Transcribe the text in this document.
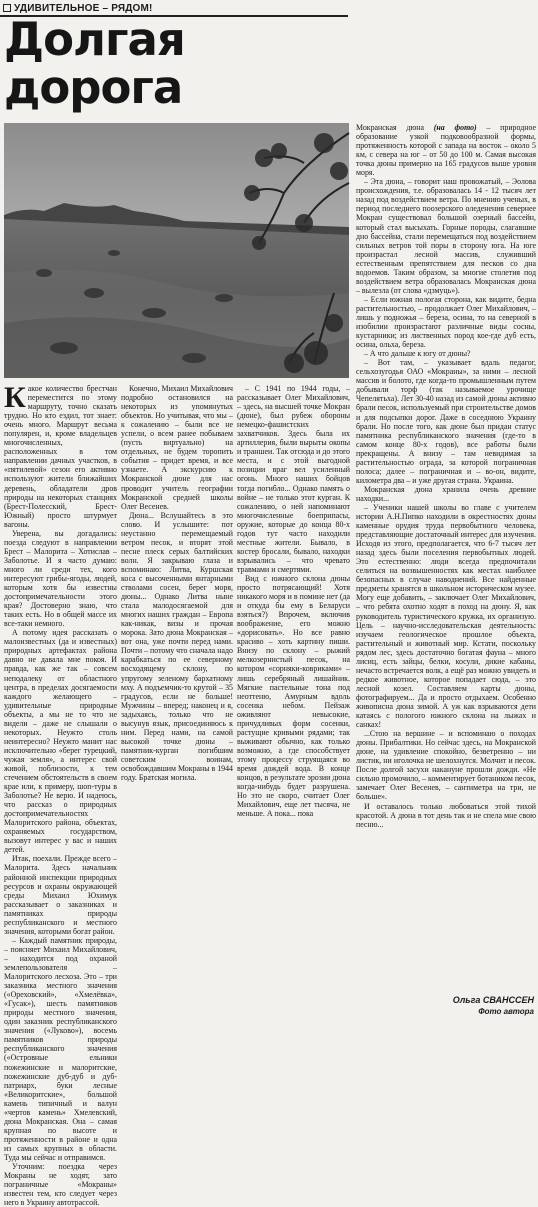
УДИВИТЕЛЬНОЕ – РЯДОМ!
Долгая дорога

Какое количество брестчан переместится по этому маршруту, точно сказать трудно. Но кто ездил, тот знает: очень много. Маршрут весьма популярен, и, кроме владельцев многочисленных, расположенных в том направлении дачных участков, в «пятилевой» сезон его активно используют жители ближайших деревень, обладатели дров природы на некоторых станциях (Брест-Полесский, Брест-Южный) просто штурмует вагоны.

Уверена, вы догадались: поезда следуют в направлении Брест – Малорита – Хотислав – Заболотье. И я часто думаю: много ли среди тех, кого интересуют грибы-ягоды, людей, которым хотя бы известны достопримечательности этого края? Достоверно знаю, что таких есть. Но в общей массе их все-таки немного.

А потому идея рассказать о малоизвестных (да и известных) природных артефактах района давно не давала мне покоя. И правда, как же так – совсем неподалеку от областного центра, в пределах досягаемости каждого желающего – удивительные природные объекты, а мы не то что не видели – даже не слышали о некоторых. Неужто столь неинтересно? Неужто манит нас исключительно «берег турецкий, чужая земля», а интерес свой живой, поблизости, к тем стечением обстоятельств в своем крае или, к примеру, шоп-туры в Заболотье? Не верю. И надеюсь, что рассказ о природных достопримечательностях Малоритского района, объектах, охраняемых государством, вызовут интерес у вас и наших детей.

Итак, поехали. Прежде всего – Малорита. Здесь начальник районной инспекции природных ресурсов и охраны окружающей среды Михаил Юхимук рассказывает о заказниках и памятниках природы республиканского и местного значения, которыми богат район.

– Каждый памятник природы, – поясняет Михаил Михайлович, – находится под охраной землепользователя – Малоритского лесхоза. Это – три заказника местного значения («Ореховский», «Хмелёвка», «Гусак»), шесть памятников природы местного значения, один заказник республиканского значения («Луково»), восемь памятников природы республиканского значения («Островные ельники пожежинские и малоритские, пожежинские дуб-дуб и дуб-патриарх, буки лесные «Великоритские», большой камень типичный и валун «чертов камень» Хмелевский, дюна Мокранская. Она – самая крупная по высоте и протяженности в районе и одна из самых крупных в области. Туда мы сейчас и отправимся.

Уточним: поездка через Мокраны не ходят, зато пограничные «Мокраны» известен тем, кто следует через него в Украину автотрассой.

Конечно, Михаил Михайлович подробно остановился на некоторых из упомянутых объектов. Но учитывая, что мы – к сожалению – были все не успели, о всем ранее побываем (пусть виртуально) на отдельных, не будем торопить события – придет время, и все узнаете. А экскурсию к Мокранской дюне для нас проводит учитель географии Мокранской средней школы Олег Весенев.

Дюна... Вслушайтесь в это слово. И услышите: пот неустанно перемещаемый ветром песок, и вторят этой песне плеск серых балтийских волн. Я закрываю глаза и вспоминаю: Литва, Куршская коса с высоченными янтарными стволами сосен, берег моря, дюны... Однако Литва ныне стала малодосягаемой для многих наших граждан – Европа как-никак, визы и прочая морока. Зато дюна Мокранская – вот она, уже почти перед нами. Почти – потому что сначала надо карабкаться по ее северному восходящему склону, по упругому зеленому бархатному мху. А подъемчик-то крутой – 35 градусов, если не больше! Мужчины – вперед; наконец и я, задыхаясь, только что не высунув язык, присоединяюсь к ним. Перед нами, на самой высокой точке дюны – памятник-курган погибшим советским воинам, освобождавшим Мокраны в 1944 году. Братская могила.

– С 1941 по 1944 годы, – рассказывает Олег Михайлович, – здесь, на высшей точке Мокран (дюне), был рубеж обороны немецко-фашистских захватчиков. Здесь была их артиллерия, были вырыты окопы и траншеи. Так отсюда и до этого места, и с этой выгодной позиции враг вел усиленный огонь. Много наших бойцов тогда погибло... Однако память о войне – не только этот курган. К сожалению, о ней напоминают многочисленные боеприпасы, оружие, которые до конца 80-х годов тут часто находили местные жители. Бывало, в костер бросали, бывало, находки взрывались – что чревато травмами и смертями.

Вид с южного склона дюны просто потрясающий! Хотя никакого моря и в помине нет (да и откуда бы ему в Беларуси взяться?) Впрочем, включив воображение, его можно «дорисовать». Но все равно красиво – хоть картину пиши. Внизу по склону – рыжий мелкозернистый песок, на котором «сорняки-ковриками» – лишь серебряный лишайник. Мягкие пастельные тона под неоттеню, Амурным вдоль сосенка небом. Пейзаж оживляют невысокие, причудливых форм сосенки, растущие кривыми рядами; так выживают обычно, как только возможно, а где способствует этому процессу струящаяся во время дождей вода. В конце концов, в результате эрозии дюна когда-нибудь будет разрушена. Но это не скоро, считает Олег Михайлович, еще лет тысяча, не меньше. А пока... пока

Мокранская дюна (на фото) – природное образование узкой подковообразной формы, протяженность которой с запада на восток – около 5 км, с севера на юг – от 50 до 100 м. Самая высокая точка дюны примерно на 165 градусов выше уровня моря.

– Эта дюна, – говорит наш провожатый, – Эолова происхождения, т.е. образовалась 14 - 12 тысяч лет назад под воздействием ветра. По мнению ученых, в период последнего поозерского оледенения севернее Мокран существовал большой озерный бассейн, который стал высыхать. Горные породы, слагавшие дно бассейна, стали перемещаться под воздействием сильных ветров той поры в сторону юга. На юге произрастал лесной массив, служивший естественным препятствием для песков со дна водоемов. Таким образом, за многие столетия под воздействием ветра образовалась Мокранская дюна – вылезла (от слова «дзмуць»).

– Если южная пологая сторона, как видите, бедна растительностью, – продолжает Олег Михайлович, – лишь у подножья – береза, осина, то на северной в изобилии произрастают различные виды сосны, кустарники; из лиственных пород кое-где дуб есть, осина, ольха, береза.

– А что дальше к югу от дюны?

– Вот там, – указывает вдаль педагог, сельхозугодья ОАО «Мокраны», за ними – лесной массив и болото, где когда-то промышленным путем добывали торф (так называемое урочище Чепелятьха). Лет 30-40 назад из самой дюны активно брали песок, используемый при строительстве домов и для подсыпки дорог. Даже в соседнюю Украину брали. Но после того, как дюне был придан статус памятника республиканского значения (где-то в самом конце 80-х годов), все работы были прекращены. А внизу – там невидимая за растительностью ограда, за которой пограничная полоса; далее – пограничная и – во-он, видите, километра два – и уже другая страна. Украина.

Мокранская дюна хранила очень древние находки...

– Ученики нашей школы во главе с учителем истории А.Н.Пипко находили в окрестностях дюны каменные орудия труда первобытного человека, представляющие достаточный интерес для изучения. Исходя из этого, предполагается, что 6-7 тысяч лет назад здесь были поселения первобытных людей. Это естественно: люди всегда предпочитали селиться на возвышенностях как местах наиболее безопасных в случае наводнений. Все найденные предметы хранятся в школьном историческом музее. Могу еще добавить, – заключает Олег Михайлович, – что ребята охотно ходят в поход на дюну. Я, как руководитель туристического кружка, их организую. Цель – научно-исследовательская деятельность: изучаем геологическое прошлое объекта, растительный и животный мир. Кстати, поскольку рядом лес, здесь достаточно богатая фауна – много лисиц, есть зайцы, белки, косули, дикие кабаны, нечасто встречается волк, а ещё раз можно увидеть и редкое животное, которое попадает сюда, – это лесной козел. Составляем карты дюны, фотографируем... Да и просто отдыхаем. Особенно живописна дюна зимой. А уж как взрываются дети катаясь с пологого южного склона на лыжах и санках!

...Стою на вершине – и вспоминаю о походах дюны. Прибалтики. Но сейчас здесь, на Мокранской дюне, на удивление спокойно, безветренно – ни листик, ни иголочка не шелохнутся. Молчит и песок. После долгой засухи накануне прошли дожди. «Не сильно промочило, – комментирует ботаником песок, замечает Олег Весенев, – сантиметра на три, не больше».

И оставалось только любоваться этой тихой красотой. А дюна в тот день так и не спела мне свою песню...

Ольга СВАНССЕН
Фото автора
